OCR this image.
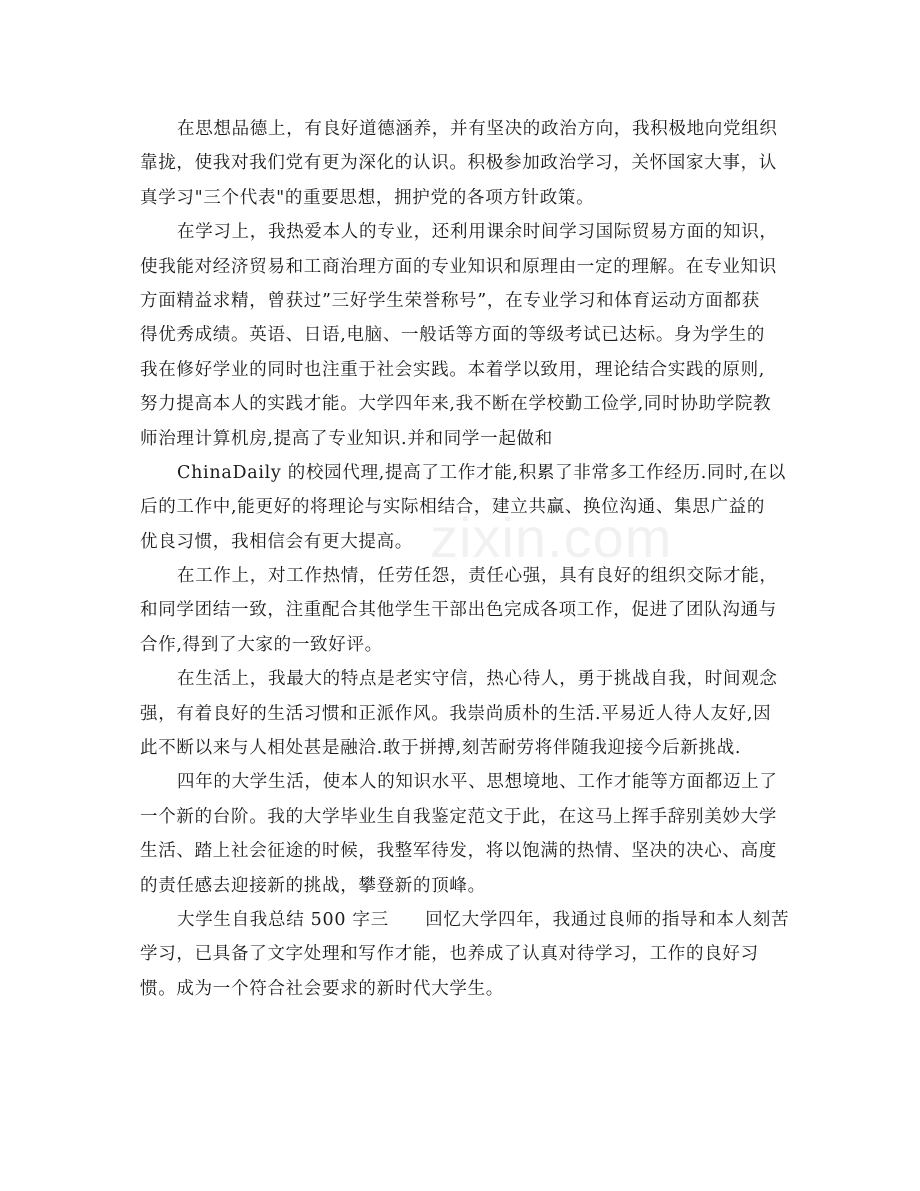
zixin.com
在思想品德上，有良好道德涵养，并有坚决的政治方向，我积极地向党组织
靠拢，使我对我们党有更为深化的认识。积极参加政治学习，关怀国家大事，认
真学习"三个代表"的重要思想，拥护党的各项方针政策。
在学习上，我热爱本人的专业，还利用课余时间学习国际贸易方面的知识，
使我能对经济贸易和工商治理方面的专业知识和原理由一定的理解。在专业知识
方面精益求精，曾获过”三好学生荣誉称号”，在专业学习和体育运动方面都获
得优秀成绩。英语、日语,电脑、一般话等方面的等级考试已达标。身为学生的
我在修好学业的同时也注重于社会实践。本着学以致用，理论结合实践的原则,
努力提高本人的实践才能。大学四年来,我不断在学校勤工俭学,同时协助学院教
师治理计算机房,提高了专业知识.并和同学一起做和
ChinaDaily 的校园代理,提高了工作才能,积累了非常多工作经历.同时,在以
后的工作中,能更好的将理论与实际相结合，建立共赢、换位沟通、集思广益的
优良习惯，我相信会有更大提高。
在工作上，对工作热情，任劳任怨，责任心强，具有良好的组织交际才能，
和同学团结一致，注重配合其他学生干部出色完成各项工作，促进了团队沟通与
合作,得到了大家的一致好评。
在生活上，我最大的特点是老实守信，热心待人，勇于挑战自我，时间观念
强，有着良好的生活习惯和正派作风。我崇尚质朴的生活.平易近人待人友好,因
此不断以来与人相处甚是融洽.敢于拼搏,刻苦耐劳将伴随我迎接今后新挑战.
四年的大学生活，使本人的知识水平、思想境地、工作才能等方面都迈上了
一个新的台阶。我的大学毕业生自我鉴定范文于此，在这马上挥手辞别美妙大学
生活、踏上社会征途的时候，我整军待发，将以饱满的热情、坚决的决心、高度
的责任感去迎接新的挑战，攀登新的顶峰。
大学生自我总结 500 字三　　回忆大学四年，我通过良师的指导和本人刻苦
学习，已具备了文字处理和写作才能，也养成了认真对待学习，工作的良好习
惯。成为一个符合社会要求的新时代大学生。
